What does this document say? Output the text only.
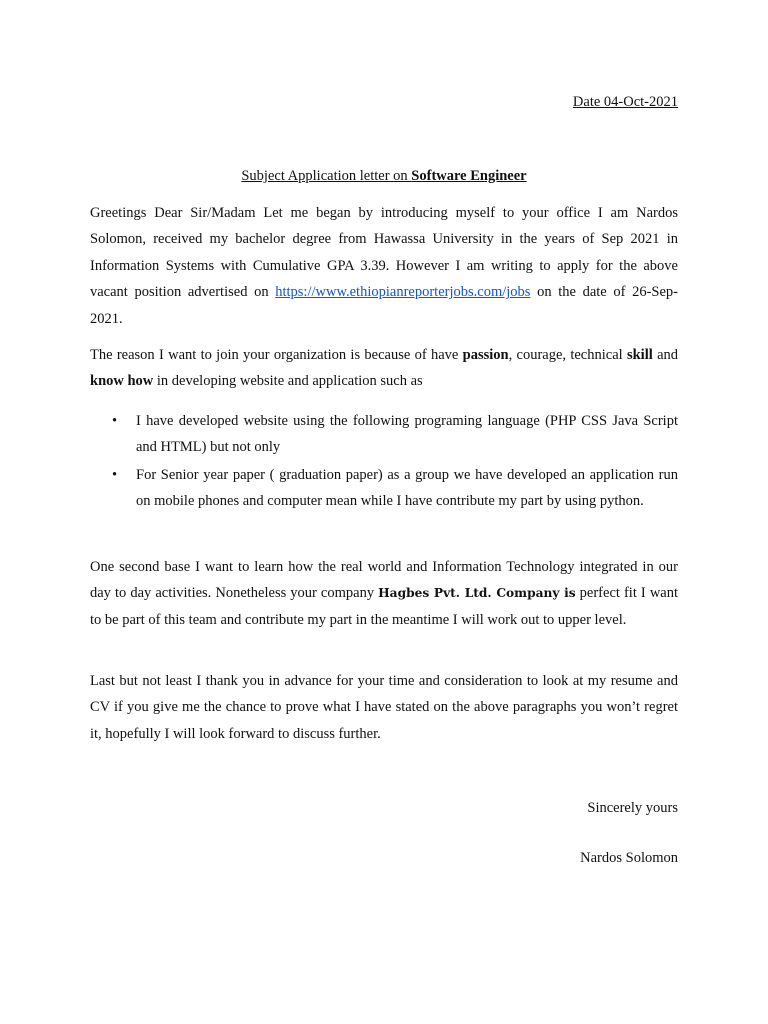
Date 04-Oct-2021
Subject Application letter on Software Engineer

Greetings Dear Sir/Madam Let me began by introducing myself to your office I am Nardos Solomon, received my bachelor degree from Hawassa University in the years of Sep 2021 in Information Systems with Cumulative GPA 3.39. However I am writing to apply for the above vacant position advertised on https://www.ethiopianreporterjobs.com/jobs on the date of 26-Sep-2021.

The reason I want to join your organization is because of have passion, courage, technical skill and know how in developing website and application such as

• I have developed website using the following programing language (PHP CSS Java Script and HTML) but not only
• For Senior year paper ( graduation paper) as a group we have developed an application run on mobile phones and computer mean while I have contribute my part by using python.

One second base I want to learn how the real world and Information Technology integrated in our day to day activities. Nonetheless your company Hagbes Pvt. Ltd. Company is perfect fit I want to be part of this team and contribute my part in the meantime I will work out to upper level.

Last but not least I thank you in advance for your time and consideration to look at my resume and CV if you give me the chance to prove what I have stated on the above paragraphs you won’t regret it, hopefully I will look forward to discuss further.

Sincerely yours
Nardos Solomon
